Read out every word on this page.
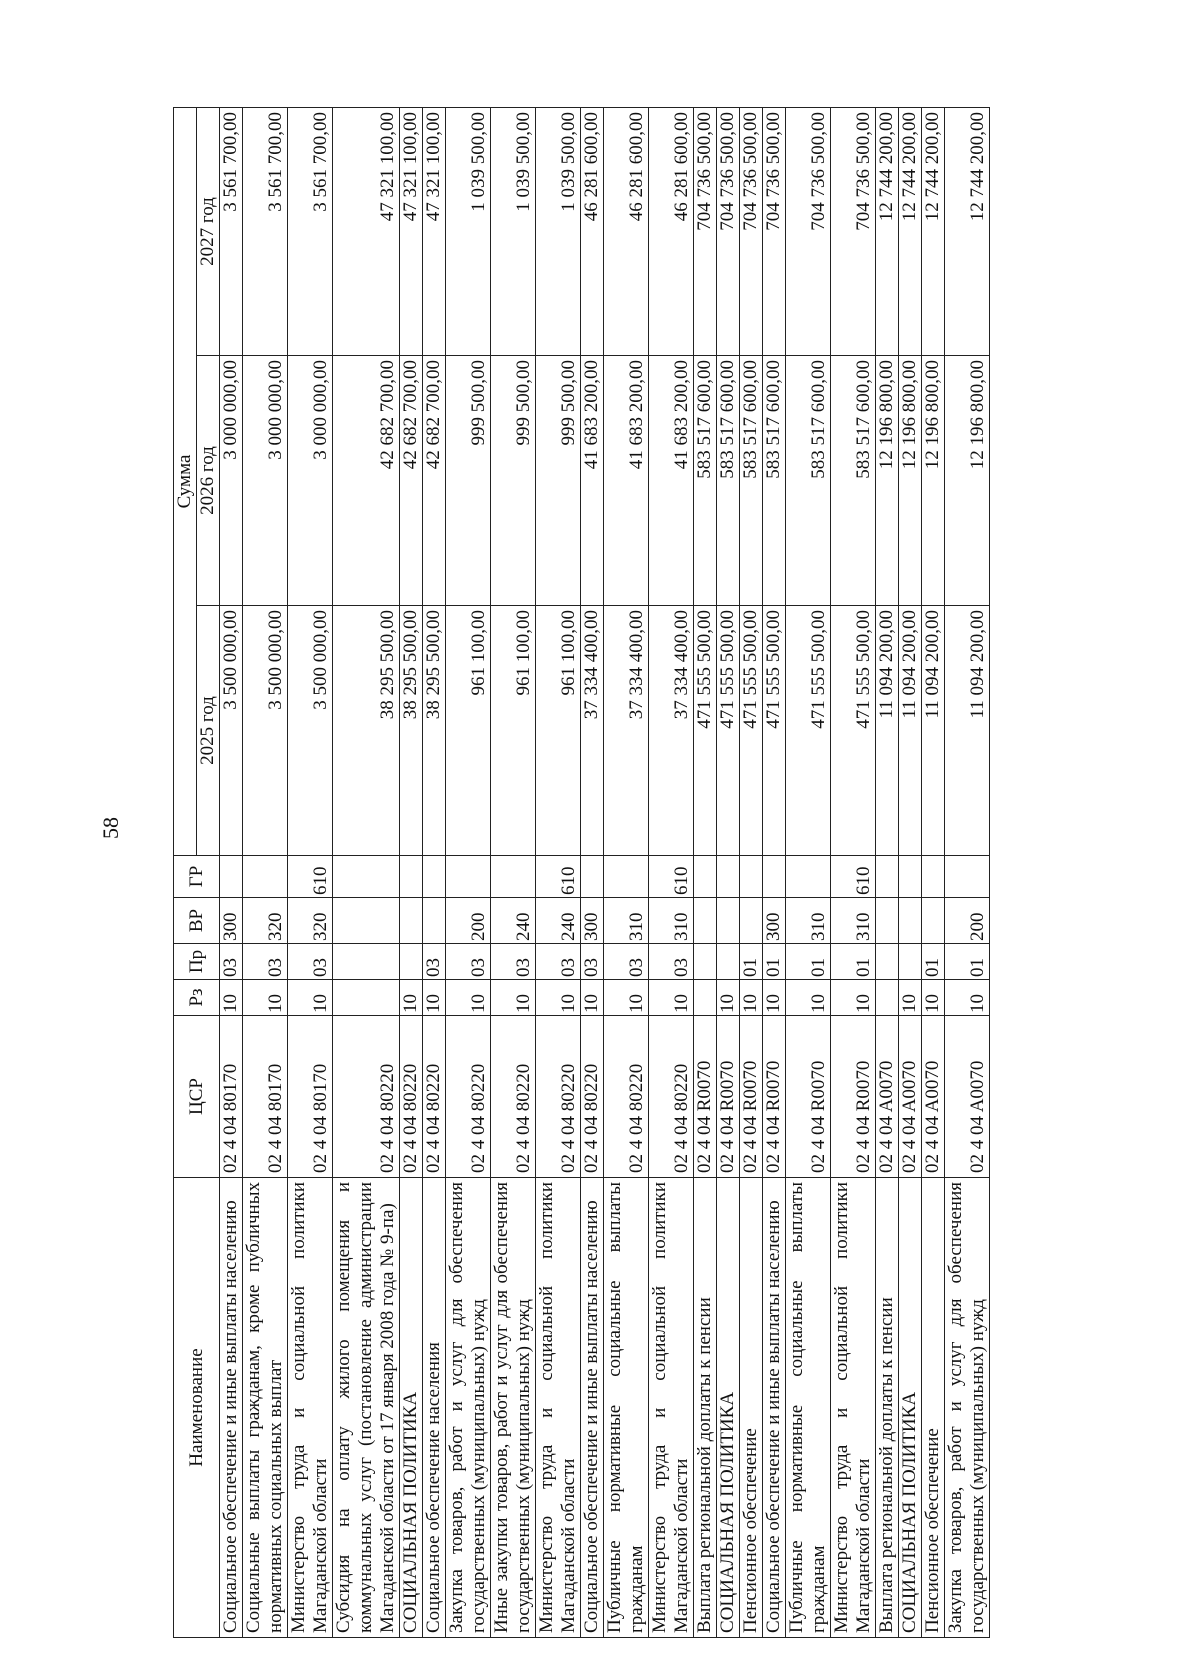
58
Наименование	ЦСР	Рз	Пр	ВР	ГР	Сумма		
						2025 год	2026 год	2027 год
Социальное обеспечение и иные выплаты населению	02 4 04 80170	10	03	300		3 500 000,00	3 000 000,00	3 561 700,00
Социальные выплаты гражданам, кроме публичных нормативных социальных выплат	02 4 04 80170	10	03	320		3 500 000,00	3 000 000,00	3 561 700,00
Министерство труда и социальной политики Магаданской области	02 4 04 80170	10	03	320	610	3 500 000,00	3 000 000,00	3 561 700,00
Субсидия на оплату жилого помещения и коммунальных услуг (постановление администрации Магаданской области от 17 января 2008 года № 9-па)	02 4 04 80220					38 295 500,00	42 682 700,00	47 321 100,00
СОЦИАЛЬНАЯ ПОЛИТИКА	02 4 04 80220	10				38 295 500,00	42 682 700,00	47 321 100,00
Социальное обеспечение населения	02 4 04 80220	10	03			38 295 500,00	42 682 700,00	47 321 100,00
Закупка товаров, работ и услуг для обеспечения государственных (муниципальных) нужд	02 4 04 80220	10	03	200		961 100,00	999 500,00	1 039 500,00
Иные закупки товаров, работ и услуг для обеспечения государственных (муниципальных) нужд	02 4 04 80220	10	03	240		961 100,00	999 500,00	1 039 500,00
Министерство труда и социальной политики Магаданской области	02 4 04 80220	10	03	240	610	961 100,00	999 500,00	1 039 500,00
Социальное обеспечение и иные выплаты населению	02 4 04 80220	10	03	300		37 334 400,00	41 683 200,00	46 281 600,00
Публичные нормативные социальные выплаты гражданам	02 4 04 80220	10	03	310		37 334 400,00	41 683 200,00	46 281 600,00
Министерство труда и социальной политики Магаданской области	02 4 04 80220	10	03	310	610	37 334 400,00	41 683 200,00	46 281 600,00
Выплата региональной доплаты к пенсии	02 4 04 R0070					471 555 500,00	583 517 600,00	704 736 500,00
СОЦИАЛЬНАЯ ПОЛИТИКА	02 4 04 R0070	10				471 555 500,00	583 517 600,00	704 736 500,00
Пенсионное обеспечение	02 4 04 R0070	10	01			471 555 500,00	583 517 600,00	704 736 500,00
Социальное обеспечение и иные выплаты населению	02 4 04 R0070	10	01	300		471 555 500,00	583 517 600,00	704 736 500,00
Публичные нормативные социальные выплаты гражданам	02 4 04 R0070	10	01	310		471 555 500,00	583 517 600,00	704 736 500,00
Министерство труда и социальной политики Магаданской области	02 4 04 R0070	10	01	310	610	471 555 500,00	583 517 600,00	704 736 500,00
Выплата региональной доплаты к пенсии	02 4 04 A0070					11 094 200,00	12 196 800,00	12 744 200,00
СОЦИАЛЬНАЯ ПОЛИТИКА	02 4 04 A0070	10				11 094 200,00	12 196 800,00	12 744 200,00
Пенсионное обеспечение	02 4 04 A0070	10	01			11 094 200,00	12 196 800,00	12 744 200,00
Закупка товаров, работ и услуг для обеспечения государственных (муниципальных) нужд	02 4 04 A0070	10	01	200		11 094 200,00	12 196 800,00	12 744 200,00
